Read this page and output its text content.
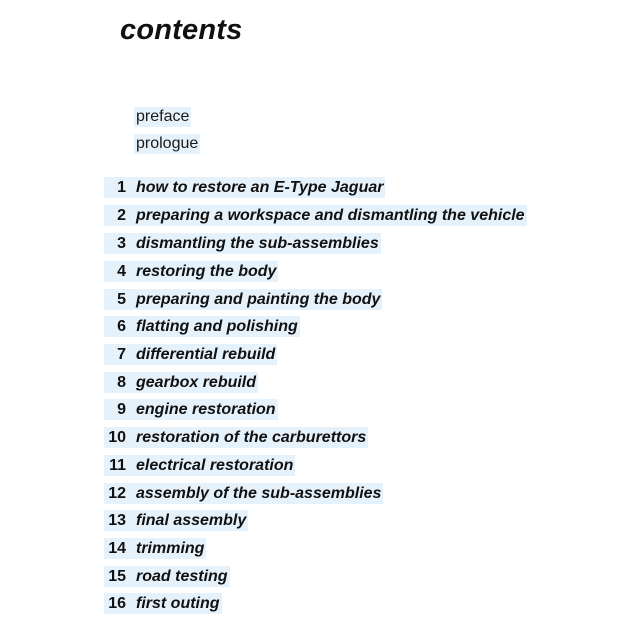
contents
preface
prologue
1 how to restore an E-Type Jaguar
2 preparing a workspace and dismantling the vehicle
3 dismantling the sub-assemblies
4 restoring the body
5 preparing and painting the body
6 flatting and polishing
7 differential rebuild
8 gearbox rebuild
9 engine restoration
10 restoration of the carburettors
11 electrical restoration
12 assembly of the sub-assemblies
13 final assembly
14 trimming
15 road testing
16 first outing
